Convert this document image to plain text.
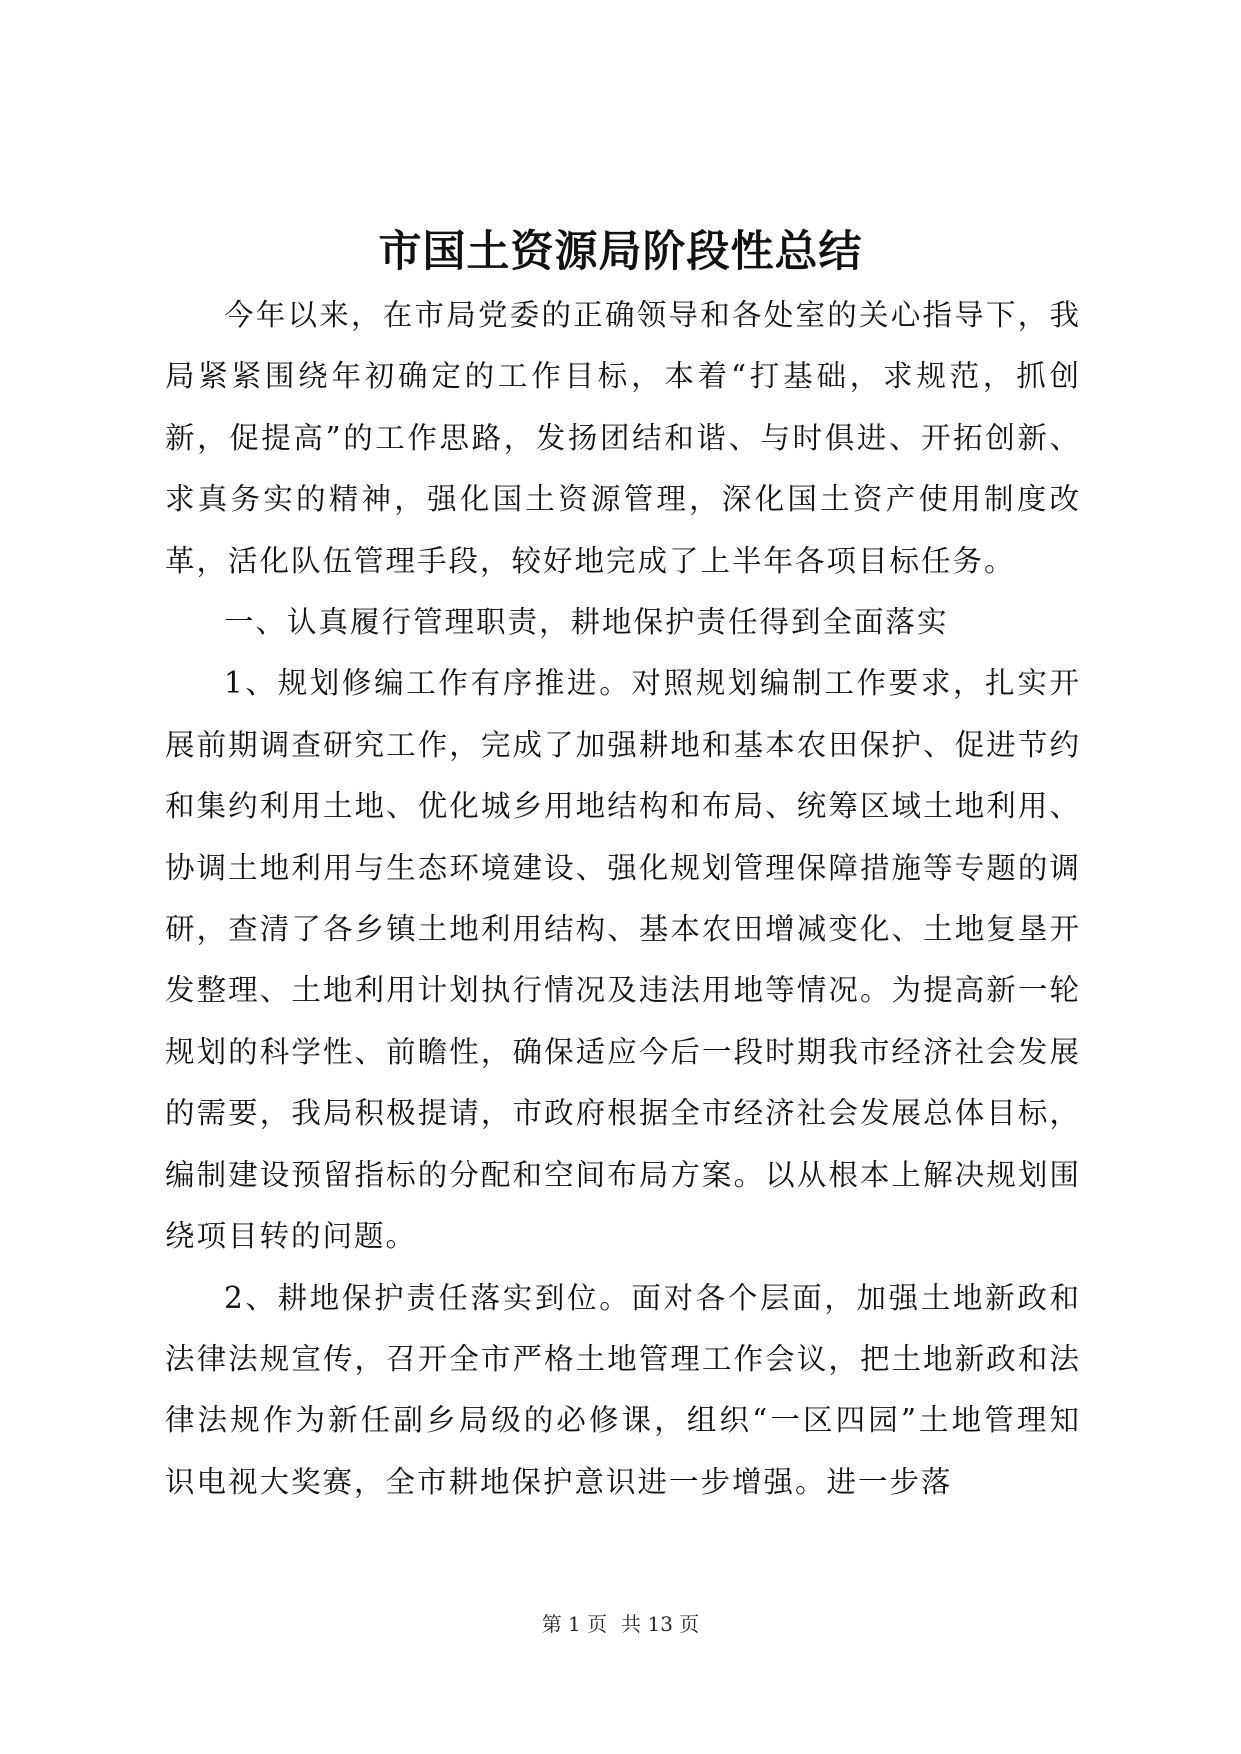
市国土资源局阶段性总结

今年以来，在市局党委的正确领导和各处室的关心指导下，我局紧紧围绕年初确定的工作目标，本着“打基础，求规范，抓创新，促提高”的工作思路，发扬团结和谐、与时俱进、开拓创新、求真务实的精神，强化国土资源管理，深化国土资产使用制度改革，活化队伍管理手段，较好地完成了上半年各项目标任务。

一、认真履行管理职责，耕地保护责任得到全面落实

1、规划修编工作有序推进。对照规划编制工作要求，扎实开展前期调查研究工作，完成了加强耕地和基本农田保护、促进节约和集约利用土地、优化城乡用地结构和布局、统筹区域土地利用、协调土地利用与生态环境建设、强化规划管理保障措施等专题的调研，查清了各乡镇土地利用结构、基本农田增减变化、土地复垦开发整理、土地利用计划执行情况及违法用地等情况。为提高新一轮规划的科学性、前瞻性，确保适应今后一段时期我市经济社会发展的需要，我局积极提请，市政府根据全市经济社会发展总体目标，编制建设预留指标的分配和空间布局方案。以从根本上解决规划围绕项目转的问题。

2、耕地保护责任落实到位。面对各个层面，加强土地新政和法律法规宣传，召开全市严格土地管理工作会议，把土地新政和法律法规作为新任副乡局级的必修课，组织“一区四园”土地管理知识电视大奖赛，全市耕地保护意识进一步增强。进一步落

第 1 页 共 13 页
